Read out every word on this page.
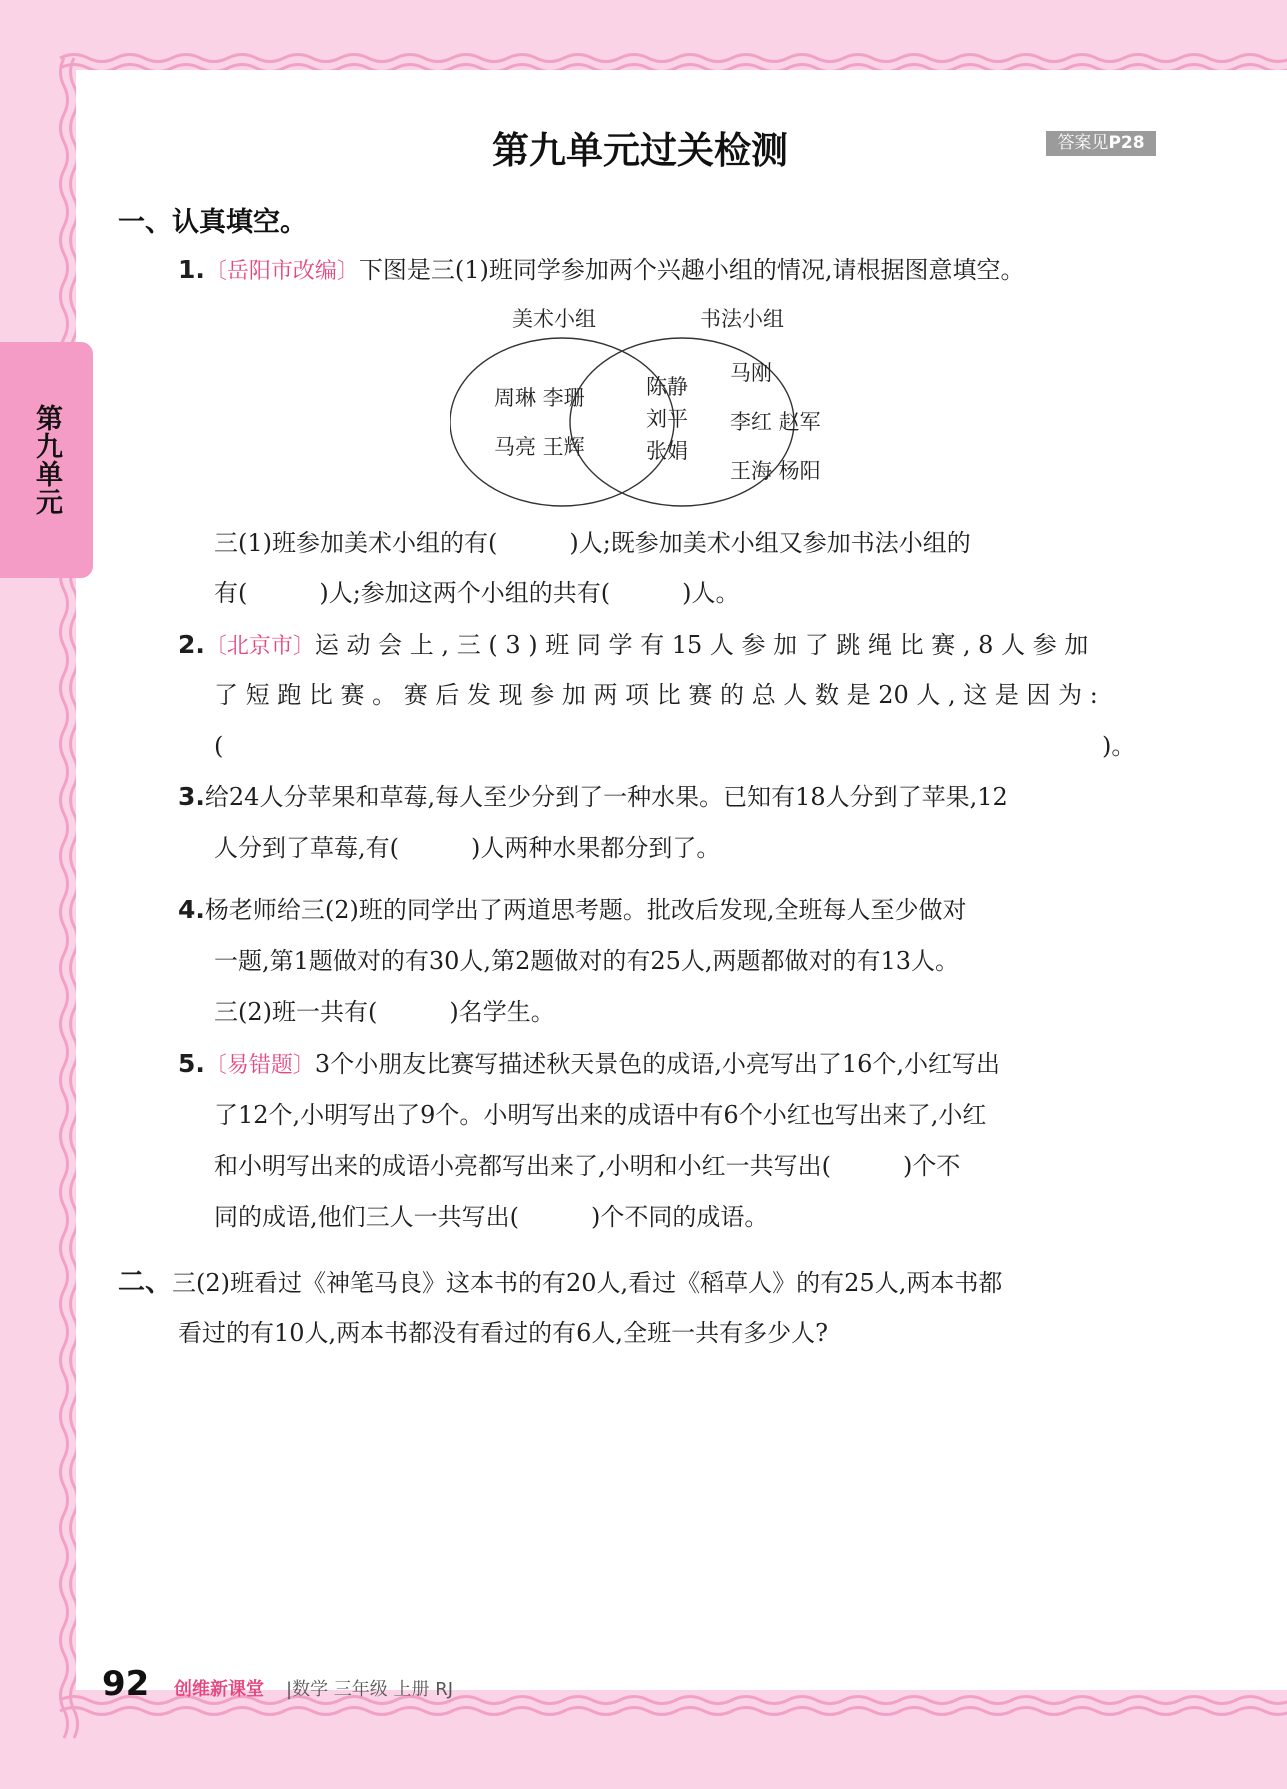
第九单元
第九单元过关检测	答案见P28
一、认真填空。
1.〔岳阳市改编〕下图是三(1)班同学参加两个兴趣小组的情况,请根据图意填空。
美术小组	书法小组
周琳 李珊
马亮 王辉
陈静
刘平
张娟
马刚
李红 赵军
王海 杨阳
三(1)班参加美术小组的有(　　　)人;既参加美术小组又参加书法小组的
有(　　　)人;参加这两个小组的共有(　　　)人。
2.〔北京市〕运 动 会 上 , 三 ( 3 ) 班 同 学 有 15 人 参 加 了 跳 绳 比 赛 , 8 人 参 加
了 短 跑 比 赛 。 赛 后 发 现 参 加 两 项 比 赛 的 总 人 数 是 20 人 , 这 是 因 为 :
(	)。
3.给24人分苹果和草莓,每人至少分到了一种水果。已知有18人分到了苹果,12
人分到了草莓,有(　　　)人两种水果都分到了。
4.杨老师给三(2)班的同学出了两道思考题。批改后发现,全班每人至少做对
一题,第1题做对的有30人,第2题做对的有25人,两题都做对的有13人。
三(2)班一共有(　　　)名学生。
5.〔易错题〕3个小朋友比赛写描述秋天景色的成语,小亮写出了16个,小红写出
了12个,小明写出了9个。小明写出来的成语中有6个小红也写出来了,小红
和小明写出来的成语小亮都写出来了,小明和小红一共写出(　　　)个不
同的成语,他们三人一共写出(　　　)个不同的成语。
二、三(2)班看过《神笔马良》这本书的有20人,看过《稻草人》的有25人,两本书都
看过的有10人,两本书都没有看过的有6人,全班一共有多少人?
92 创维新课堂 |数学 三年级 上册 RJ
